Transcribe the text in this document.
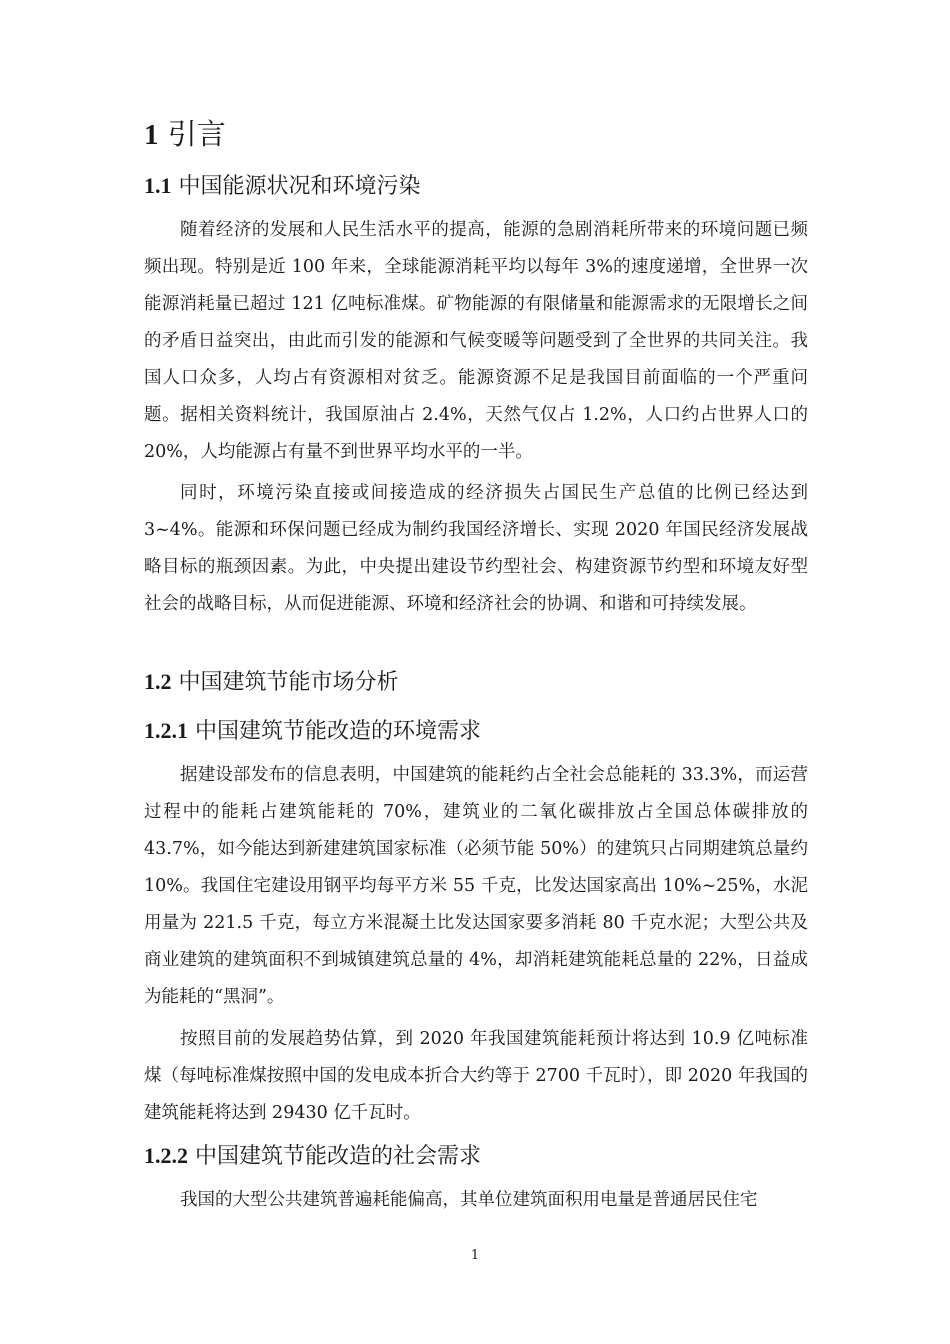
1 引言
1.1 中国能源状况和环境污染

随着经济的发展和人民生活水平的提高，能源的急剧消耗所带来的环境问题已频频出现。特别是近 100 年来，全球能源消耗平均以每年 3%的速度递增，全世界一次能源消耗量已超过 121 亿吨标准煤。矿物能源的有限储量和能源需求的无限增长之间的矛盾日益突出，由此而引发的能源和气候变暖等问题受到了全世界的共同关注。我国人口众多，人均占有资源相对贫乏。能源资源不足是我国目前面临的一个严重问题。据相关资料统计，我国原油占 2.4%，天然气仅占 1.2%，人口约占世界人口的 20%，人均能源占有量不到世界平均水平的一半。

同时，环境污染直接或间接造成的经济损失占国民生产总值的比例已经达到 3~4%。能源和环保问题已经成为制约我国经济增长、实现 2020 年国民经济发展战略目标的瓶颈因素。为此，中央提出建设节约型社会、构建资源节约型和环境友好型社会的战略目标，从而促进能源、环境和经济社会的协调、和谐和可持续发展。

1.2 中国建筑节能市场分析
1.2.1 中国建筑节能改造的环境需求

据建设部发布的信息表明，中国建筑的能耗约占全社会总能耗的 33.3%，而运营过程中的能耗占建筑能耗的 70%，建筑业的二氧化碳排放占全国总体碳排放的 43.7%，如今能达到新建建筑国家标准（必须节能 50%）的建筑只占同期建筑总量约 10%。我国住宅建设用钢平均每平方米 55 千克，比发达国家高出 10%~25%，水泥用量为 221.5 千克，每立方米混凝土比发达国家要多消耗 80 千克水泥；大型公共及商业建筑的建筑面积不到城镇建筑总量的 4%，却消耗建筑能耗总量的 22%，日益成为能耗的“黑洞”。

按照目前的发展趋势估算，到 2020 年我国建筑能耗预计将达到 10.9 亿吨标准煤（每吨标准煤按照中国的发电成本折合大约等于 2700 千瓦时），即 2020 年我国的建筑能耗将达到 29430 亿千瓦时。

1.2.2 中国建筑节能改造的社会需求

我国的大型公共建筑普遍耗能偏高，其单位建筑面积用电量是普通居民住宅

1
